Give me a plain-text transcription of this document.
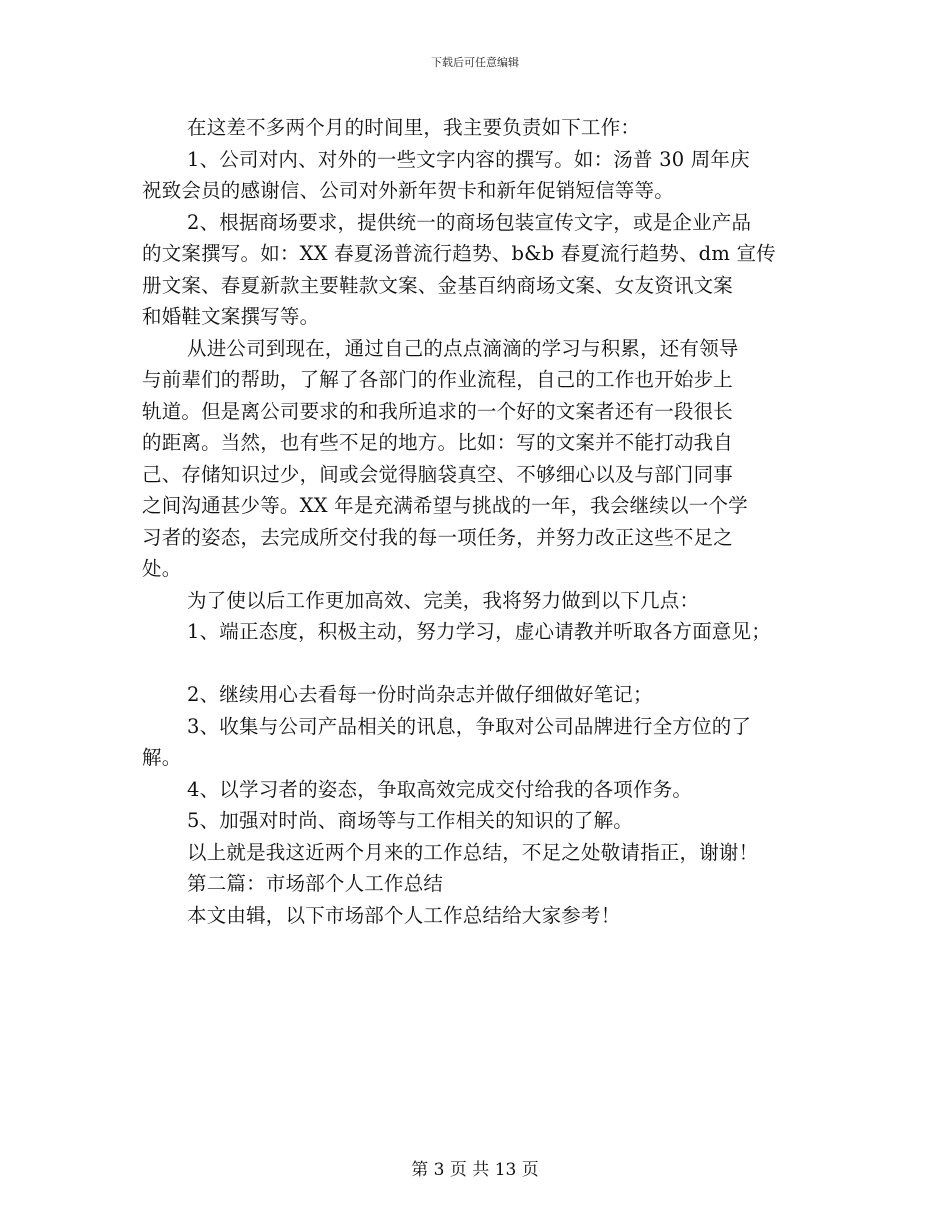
下载后可任意编辑
在这差不多两个月的时间里，我主要负责如下工作：
1、公司对内、对外的一些文字内容的撰写。如：汤普 30 周年庆
祝致会员的感谢信、公司对外新年贺卡和新年促销短信等等。
2、根据商场要求，提供统一的商场包装宣传文字，或是企业产品
的文案撰写。如：XX 春夏汤普流行趋势、b&b 春夏流行趋势、dm 宣传
册文案、春夏新款主要鞋款文案、金基百纳商场文案、女友资讯文案
和婚鞋文案撰写等。
从进公司到现在，通过自己的点点滴滴的学习与积累，还有领导
与前辈们的帮助，了解了各部门的作业流程，自己的工作也开始步上
轨道。但是离公司要求的和我所追求的一个好的文案者还有一段很长
的距离。当然，也有些不足的地方。比如：写的文案并不能打动我自
己、存储知识过少，间或会觉得脑袋真空、不够细心以及与部门同事
之间沟通甚少等。XX 年是充满希望与挑战的一年，我会继续以一个学
习者的姿态，去完成所交付我的每一项任务，并努力改正这些不足之
处。
为了使以后工作更加高效、完美，我将努力做到以下几点：
1、端正态度，积极主动，努力学习，虚心请教并听取各方面意见；
2、继续用心去看每一份时尚杂志并做仔细做好笔记；
3、收集与公司产品相关的讯息，争取对公司品牌进行全方位的了
解。
4、以学习者的姿态，争取高效完成交付给我的各项作务。
5、加强对时尚、商场等与工作相关的知识的了解。
以上就是我这近两个月来的工作总结，不足之处敬请指正，谢谢！
第二篇：市场部个人工作总结
本文由辑，以下市场部个人工作总结给大家参考！
第 3 页 共 13 页
